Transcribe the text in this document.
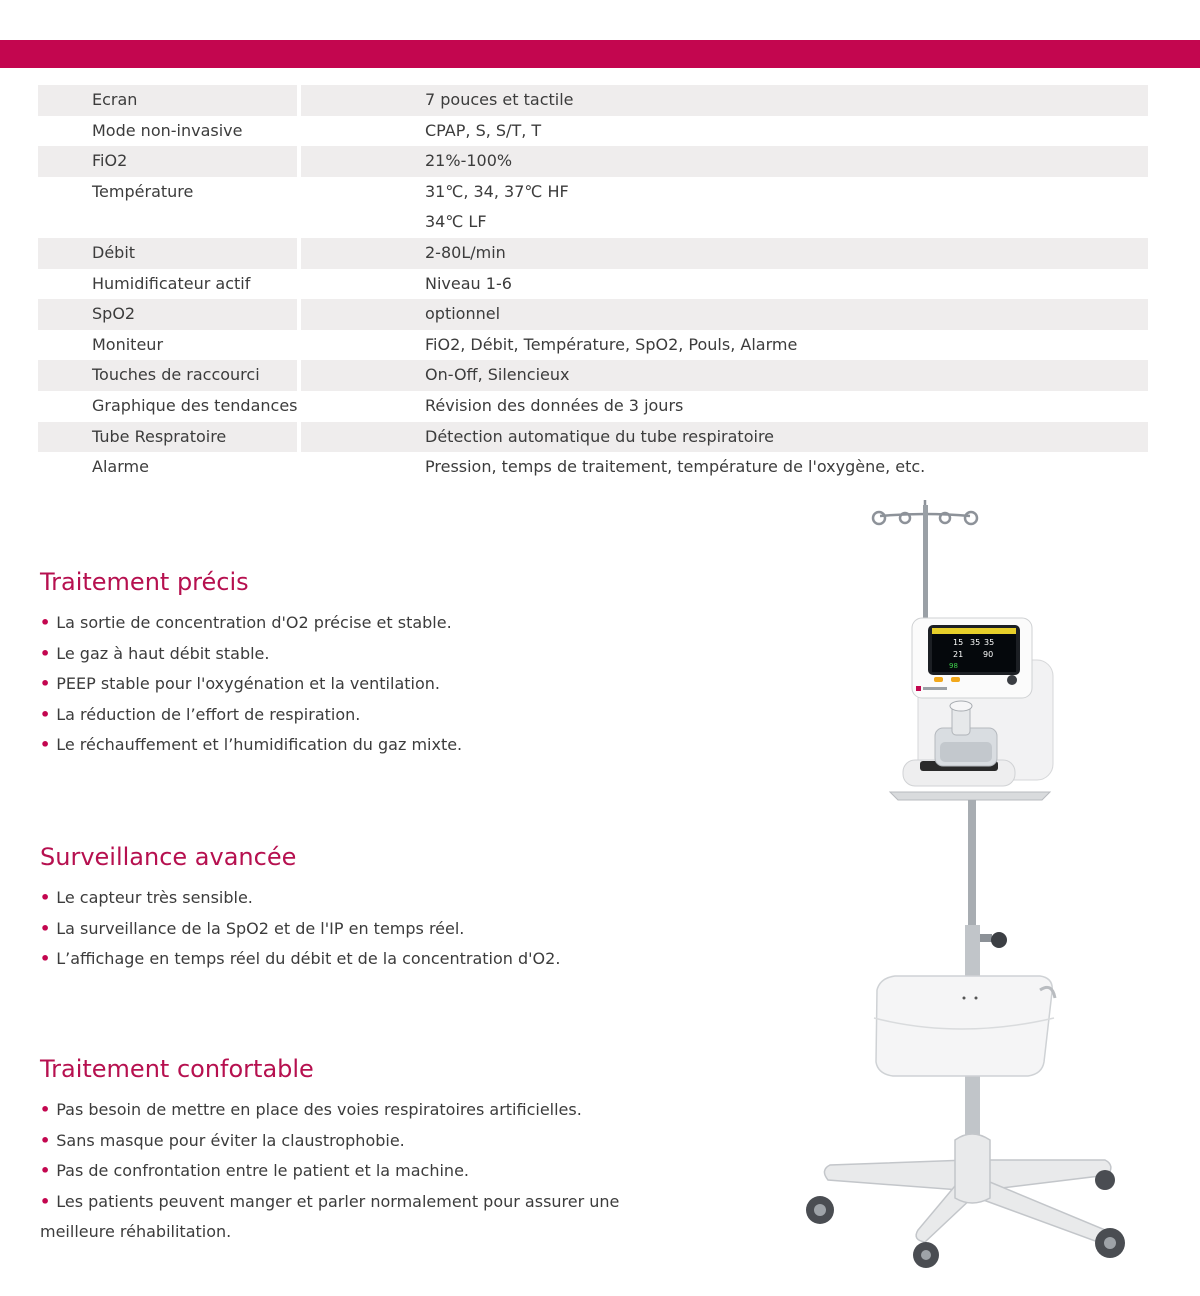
Ecran	7 pouces et tactile
Mode non-invasive	CPAP, S, S/T, T
FiO2	21%-100%
Température	31℃, 34, 37℃ HF
34℃ LF
Débit	2-80L/min
Humidificateur actif	Niveau 1-6
SpO2	optionnel
Moniteur	FiO2, Débit, Température, SpO2, Pouls, Alarme
Touches de raccourci	On-Off, Silencieux
Graphique des tendances	Révision des données de 3 jours
Tube Respratoire	Détection automatique du tube respiratoire
Alarme	Pression, temps de traitement, température de l'oxygène, etc.
Traitement précis
• La sortie de concentration d'O2 précise et stable.
• Le gaz à haut débit stable.
• PEEP stable pour l'oxygénation et la ventilation.
• La réduction de l’effort de respiration.
• Le réchauffement et l’humidification du gaz mixte.
Surveillance avancée
• Le capteur très sensible.
• La surveillance de la SpO2 et de l'IP en temps réel.
• L’affichage en temps réel du débit et de la concentration d'O2.
Traitement confortable
• Pas besoin de mettre en place des voies respiratoires artificielles.
• Sans masque pour éviter la claustrophobie.
• Pas de confrontation entre le patient et la machine.
• Les patients peuvent manger et parler normalement pour assurer une
meilleure réhabilitation.
15 35 35
21 90
98
